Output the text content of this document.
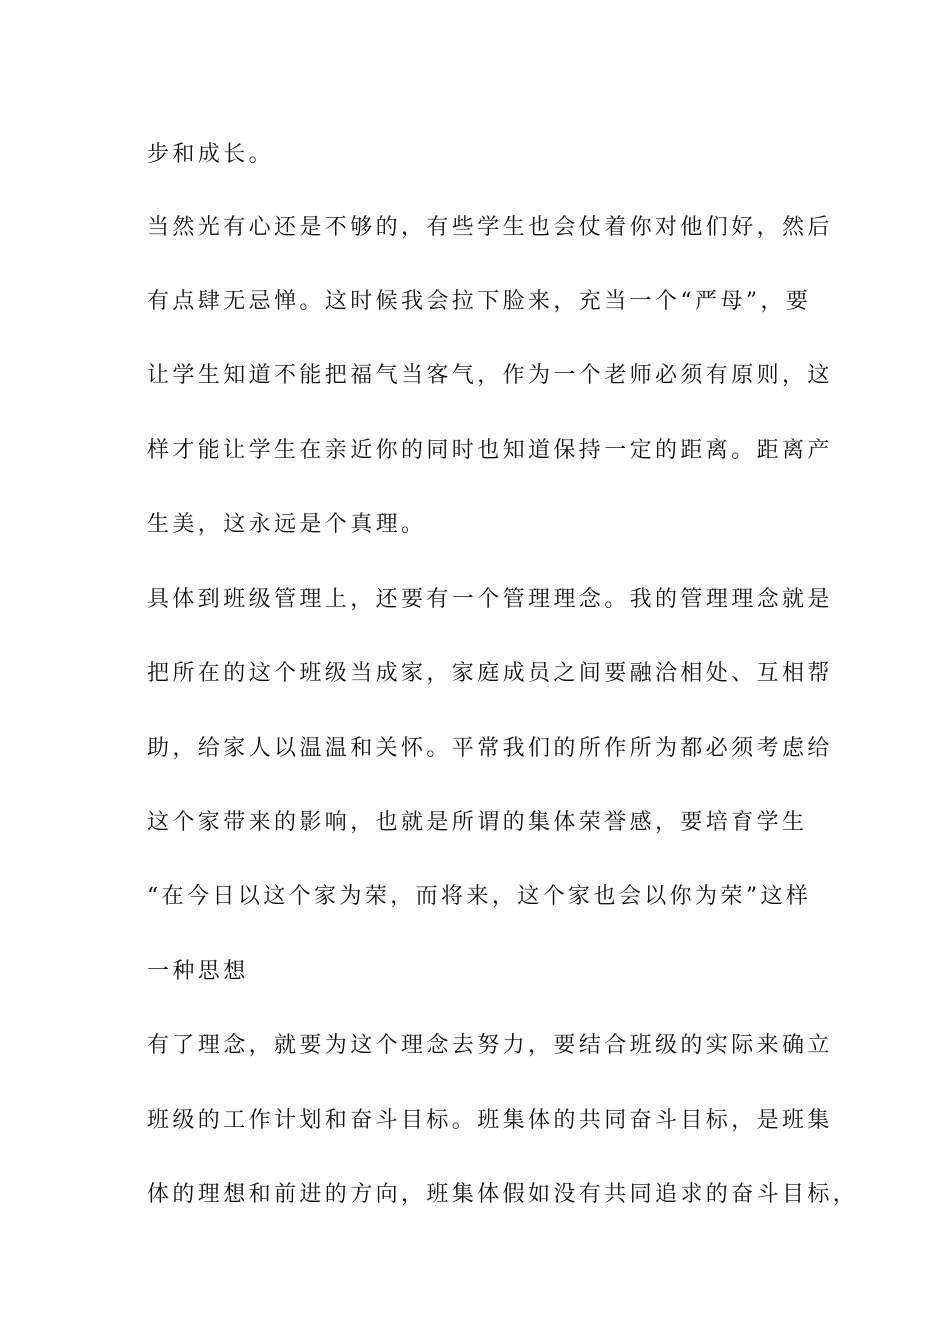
步和成长。
当然光有心还是不够的，有些学生也会仗着你对他们好，然后
有点肆无忌惮。这时候我会拉下脸来，充当一个“严母”，要
让学生知道不能把福气当客气，作为一个老师必须有原则，这
样才能让学生在亲近你的同时也知道保持一定的距离。距离产
生美，这永远是个真理。
具体到班级管理上，还要有一个管理理念。我的管理理念就是
把所在的这个班级当成家，家庭成员之间要融洽相处、互相帮
助，给家人以温温和关怀。平常我们的所作所为都必须考虑给
这个家带来的影响，也就是所谓的集体荣誉感，要培育学生
“在今日以这个家为荣，而将来，这个家也会以你为荣”这样
一种思想
有了理念，就要为这个理念去努力，要结合班级的实际来确立
班级的工作计划和奋斗目标。班集体的共同奋斗目标，是班集
体的理想和前进的方向，班集体假如没有共同追求的奋斗目标，
